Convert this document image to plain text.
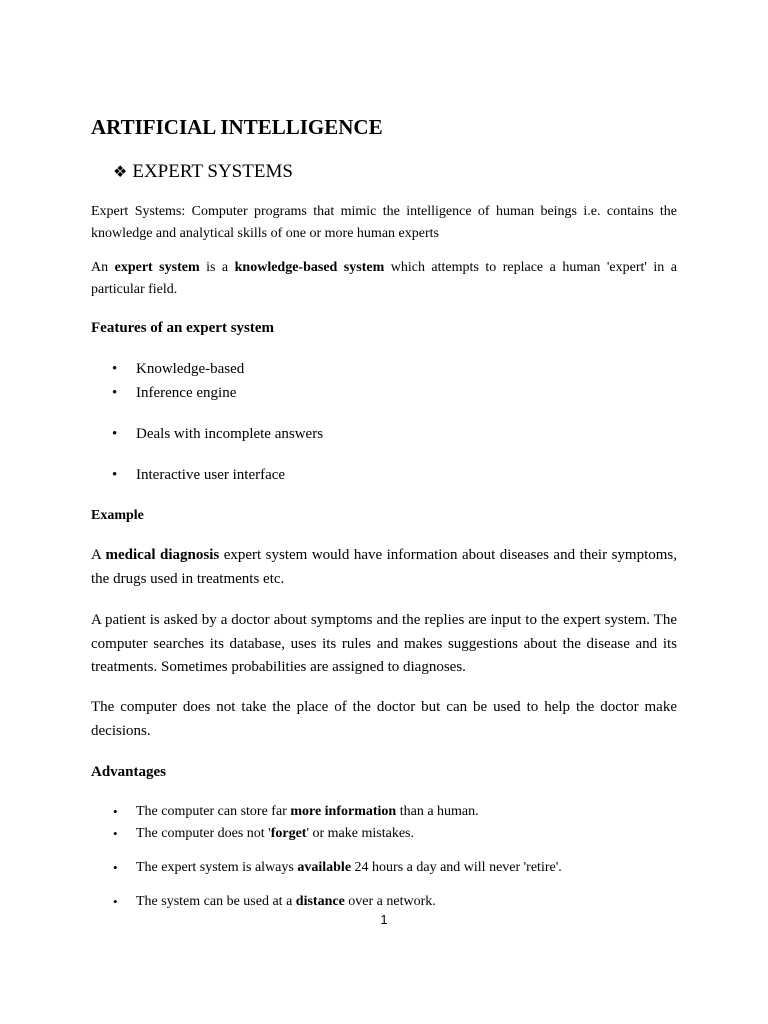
ARTIFICIAL INTELLIGENCE
❖ EXPERT SYSTEMS

Expert Systems: Computer programs that mimic the intelligence of human beings i.e. contains the knowledge and analytical skills of one or more human experts

An expert system is a knowledge-based system which attempts to replace a human 'expert' in a particular field.

Features of an expert system

• Knowledge-based
• Inference engine
• Deals with incomplete answers
• Interactive user interface

Example

A medical diagnosis expert system would have information about diseases and their symptoms, the drugs used in treatments etc.

A patient is asked by a doctor about symptoms and the replies are input to the expert system. The computer searches its database, uses its rules and makes suggestions about the disease and its treatments. Sometimes probabilities are assigned to diagnoses.

The computer does not take the place of the doctor but can be used to help the doctor make decisions.

Advantages

• The computer can store far more information than a human.
• The computer does not 'forget' or make mistakes.
• The expert system is always available 24 hours a day and will never 'retire'.
• The system can be used at a distance over a network.
1
